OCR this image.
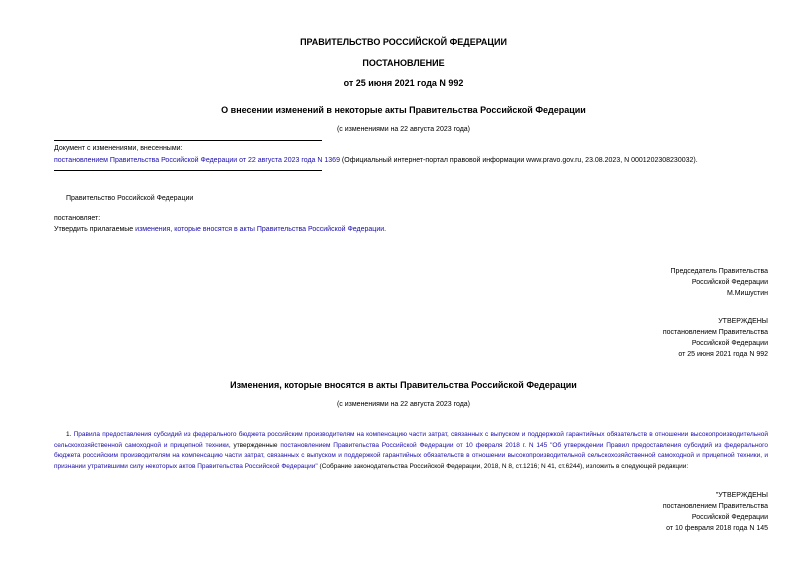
ПРАВИТЕЛЬСТВО РОССИЙСКОЙ ФЕДЕРАЦИИ
ПОСТАНОВЛЕНИЕ
от 25 июня 2021 года N 992
О внесении изменений в некоторые акты Правительства Российской Федерации
(с изменениями на 22 августа 2023 года)
Документ с изменениями, внесенными:
постановлением Правительства Российской Федерации от 22 августа 2023 года N 1369 (Официальный интернет-портал правовой информации www.pravo.gov.ru, 23.08.2023, N 0001202308230032).
Правительство Российской Федерации
постановляет:
Утвердить прилагаемые изменения, которые вносятся в акты Правительства Российской Федерации.
Председатель Правительства
Российской Федерации
М.Мишустин
УТВЕРЖДЕНЫ
постановлением Правительства
Российской Федерации
от 25 июня 2021 года N 992
Изменения, которые вносятся в акты Правительства Российской Федерации
(с изменениями на 22 августа 2023 года)
1. Правила предоставления субсидий из федерального бюджета российским производителям на компенсацию части затрат, связанных с выпуском и поддержкой гарантийных обязательств в отношении высокопроизводительной сельскохозяйственной самоходной и прицепной техники, утвержденные постановлением Правительства Российской Федерации от 10 февраля 2018 г. N 145 "Об утверждении Правил предоставления субсидий из федерального бюджета российским производителям на компенсацию части затрат, связанных с выпуском и поддержкой гарантийных обязательств в отношении высокопроизводительной сельскохозяйственной самоходной и прицепной техники, и признании утратившими силу некоторых актов Правительства Российской Федерации" (Собрание законодательства Российской Федерации, 2018, N 8, ст.1216; N 41, ст.6244), изложить в следующей редакции:
"УТВЕРЖДЕНЫ
постановлением Правительства
Российской Федерации
от 10 февраля 2018 года N 145
